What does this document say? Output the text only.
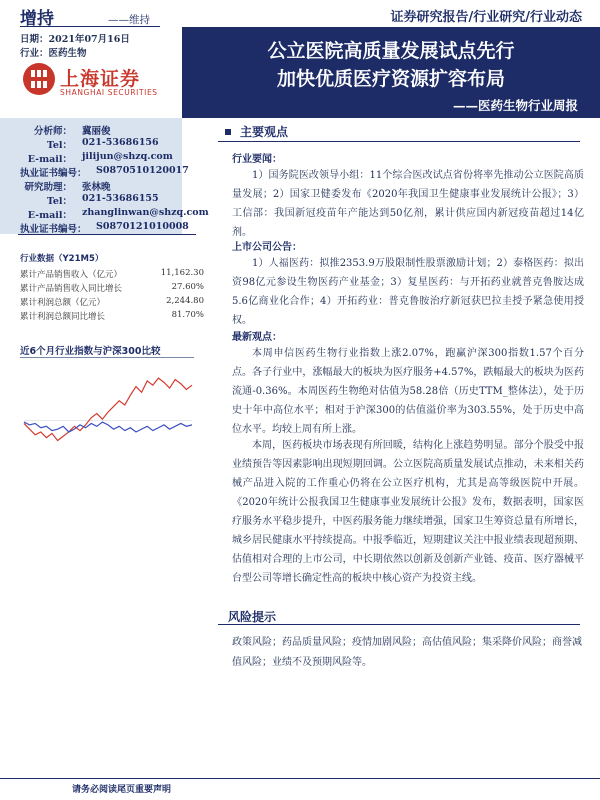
增持	——维持
日期：2021年07月16日
行业：医药生物
证券研究报告/行业研究/行业动态
公立医院高质量发展试点先行
加快优质医疗资源扩容布局
——医药生物行业周报
上海证券
SHANGHAI SECURITIES
分析师： 冀丽俊
Tel： 021-53686156
E-mail： jilijun@shzq.com
执业证书编号： S0870510120017
研究助理： 张林晚
Tel： 021-53686155
E-mail： zhanglinwan@shzq.com
执业证书编号： S0870121010008
行业数据（Y21M5）
累计产品销售收入（亿元）	11,162.30
累计产品销售收入同比增长	27.60%
累计利润总额（亿元）	2,244.80
累计利润总额同比增长	81.70%
近6个月行业指数与沪深300比较
主要观点
行业要闻：
1）国务院医改领导小组：11个综合医改试点省份将率先推动公立医院高质量发展；2）国家卫健委发布《2020年我国卫生健康事业发展统计公报》；3）工信部：我国新冠疫苗年产能达到50亿剂，累计供应国内新冠疫苗超过14亿剂。
上市公司公告：
1）人福医药：拟推2353.9万股限制性股票激励计划；2）泰格医药：拟出资98亿元参设生物医药产业基金；3）复星医药：与开拓药业就普克鲁胺达成5.6亿商业化合作；4）开拓药业：普克鲁胺治疗新冠获巴拉圭授予紧急使用授权。
最新观点：
本周申信医药生物行业指数上涨2.07%，跑赢沪深300指数1.57个百分点。各子行业中，涨幅最大的板块为医疗服务+4.57%，跌幅最大的板块为医药流通-0.36%。本周医药生物绝对估值为58.28倍（历史TTM_整体法），处于历史十年中高位水平；相对于沪深300的估值溢价率为303.55%，处于历史中高位水平。均较上周有所上涨。
本周，医药板块市场表现有所回暖，结构化上涨趋势明显。部分个股受中报业绩预告等因素影响出现短期回调。公立医院高质量发展试点推动，未来相关药械产品进入院的工作重心仍将在公立医疗机构，尤其是高等级医院中开展。《2020年统计公报我国卫生健康事业发展统计公报》发布，数据表明，国家医疗服务水平稳步提升，中医药服务能力继续增强，国家卫生筹资总量有所增长，城乡居民健康水平持续提高。中报季临近，短期建议关注中报业绩表现超预期、估值相对合理的上市公司，中长期依然以创新及创新产业链、疫苗、医疗器械平台型公司等增长确定性高的板块中核心资产为投资主线。
风险提示
政策风险；药品质量风险；疫情加剧风险；高估值风险；集采降价风险；商誉减值风险；业绩不及预期风险等。
请务必阅读尾页重要声明
